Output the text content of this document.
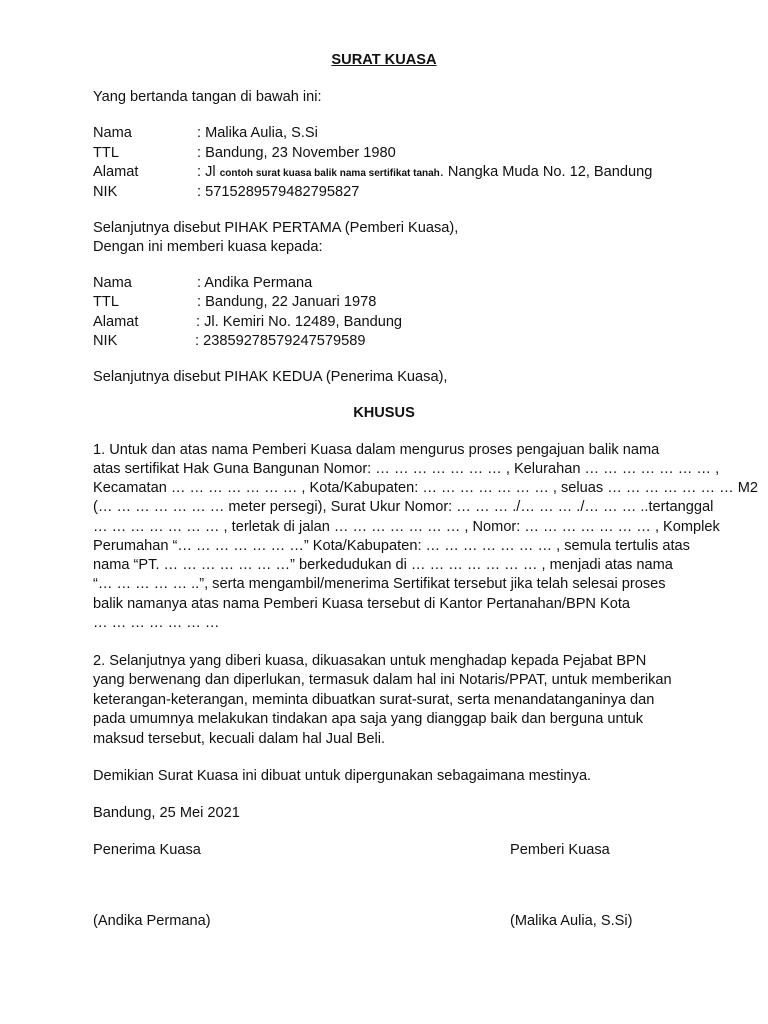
SURAT KUASA
Yang bertanda tangan di bawah ini:
Nama	: Malika Aulia, S.Si
TTL	: Bandung, 23 November 1980
Alamat	: Jl contoh surat kuasa balik nama sertifikat tanah. Nangka Muda No. 12, Bandung
NIK	: 5715289579482795827
Selanjutnya disebut PIHAK PERTAMA (Pemberi Kuasa),
Dengan ini memberi kuasa kepada:
Nama	: Andika Permana
TTL	: Bandung, 22 Januari 1978
Alamat	: Jl. Kemiri No. 12489, Bandung
NIK	: 23859278579247579589
Selanjutnya disebut PIHAK KEDUA (Penerima Kuasa),
KHUSUS
1. Untuk dan atas nama Pemberi Kuasa dalam mengurus proses pengajuan balik nama
atas sertifikat Hak Guna Bangunan Nomor: … … … … … … … , Kelurahan … … … … … … … ,
Kecamatan … … … … … … … , Kota/Kabupaten: … … … … … … … , seluas … … … … … … … M2
(… … … … … … … meter persegi), Surat Ukur Nomor: … … … ./… … … ./… … … ..tertanggal
… … … … … … … , terletak di jalan … … … … … … … , Nomor: … … … … … … … , Komplek
Perumahan “… … … … … … …” Kota/Kabupaten: … … … … … … … , semula tertulis atas
nama “PT. … … … … … … …” berkedudukan di … … … … … … … , menjadi atas nama
“… … … … … ..”, serta mengambil/menerima Sertifikat tersebut jika telah selesai proses
balik namanya atas nama Pemberi Kuasa tersebut di Kantor Pertanahan/BPN Kota
… … … … … … …
2. Selanjutnya yang diberi kuasa, dikuasakan untuk menghadap kepada Pejabat BPN
yang berwenang dan diperlukan, termasuk dalam hal ini Notaris/PPAT, untuk memberikan
keterangan-keterangan, meminta dibuatkan surat-surat, serta menandatanganinya dan
pada umumnya melakukan tindakan apa saja yang dianggap baik dan berguna untuk
maksud tersebut, kecuali dalam hal Jual Beli.
Demikian Surat Kuasa ini dibuat untuk dipergunakan sebagaimana mestinya.
Bandung, 25 Mei 2021
Penerima Kuasa	Pemberi Kuasa
(Andika Permana)	(Malika Aulia, S.Si)
